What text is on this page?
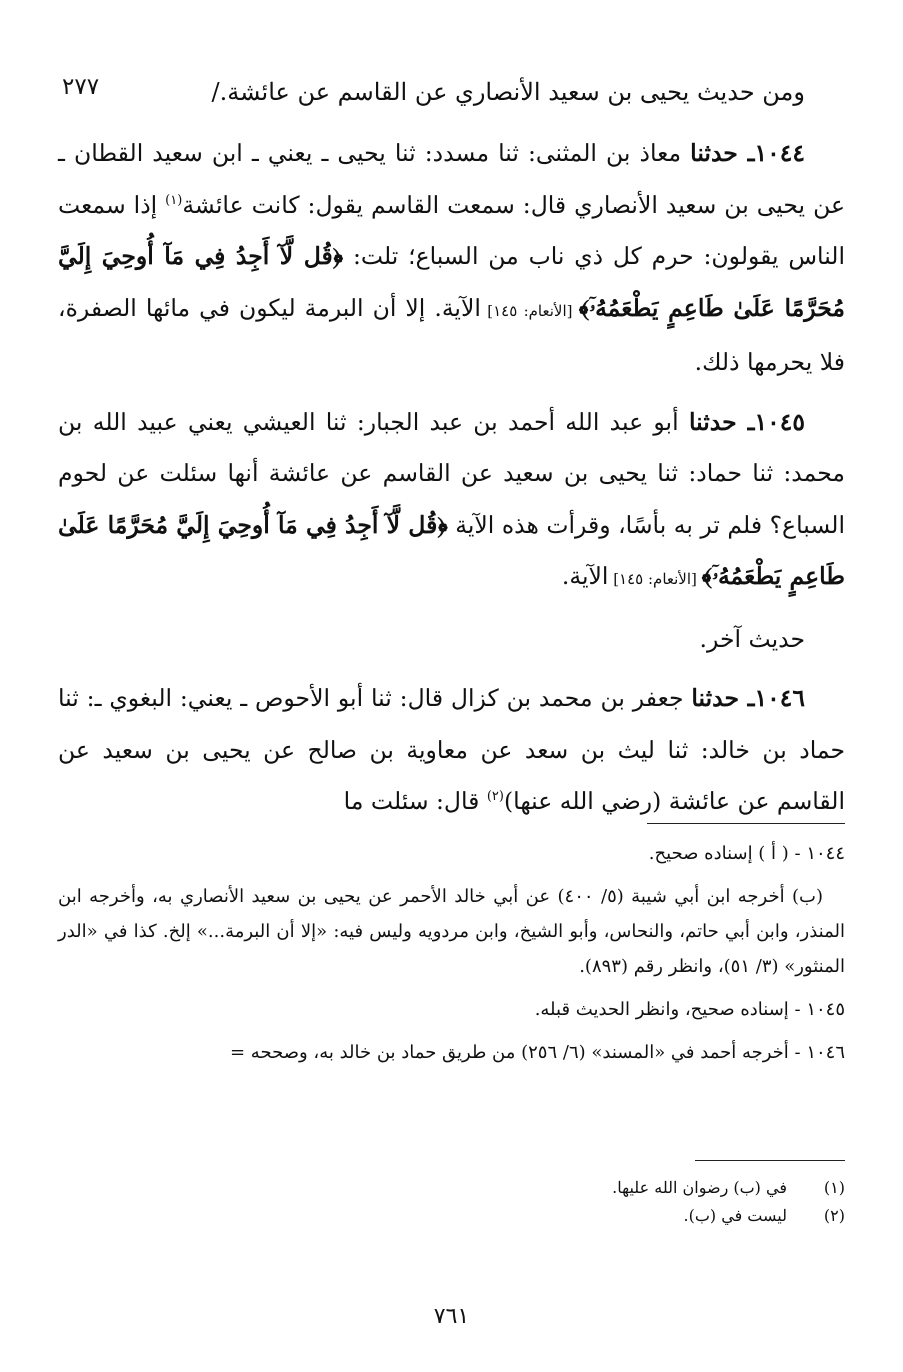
ومن حديث يحيى بن سعيد الأنصاري عن القاسم عن عائشة./
٢٧٧

١٠٤٤ـ حدثنا معاذ بن المثنى: ثنا مسدد: ثنا يحيى ـ يعني ـ ابن سعيد القطان ـ عن يحيى بن سعيد الأنصاري قال: سمعت القاسم يقول: كانت عائشة$^{(١)}$ إذا سمعت الناس يقولون: حرم كل ذي ناب من السباع؛ تلت: ﴿قُل لَّآ أَجِدُ فِي مَآ أُوحِيَ إِلَيَّ مُحَرَّمًا عَلَىٰ طَاعِمٍ يَطْعَمُهُۥٓ﴾ [الأنعام: ١٤٥] الآية. إلا أن البرمة ليكون في مائها الصفرة، فلا يحرمها ذلك.

١٠٤٥ـ حدثنا أبو عبد الله أحمد بن عبد الجبار: ثنا العيشي يعني عبيد الله بن محمد: ثنا حماد: ثنا يحيى بن سعيد عن القاسم عن عائشة أنها سئلت عن لحوم السباع؟ فلم تر به بأسًا، وقرأت هذه الآية ﴿قُل لَّآ أَجِدُ فِي مَآ أُوحِيَ إِلَيَّ مُحَرَّمًا عَلَىٰ طَاعِمٍ يَطْعَمُهُۥٓ﴾ [الأنعام: ١٤٥] الآية.

حديث آخر.

١٠٤٦ـ حدثنا جعفر بن محمد بن كزال قال: ثنا أبو الأحوص ـ يعني: البغوي ـ: ثنا حماد بن خالد: ثنا ليث بن سعد عن معاوية بن صالح عن يحيى بن سعيد عن القاسم عن عائشة (رضي الله عنها)$^{(٢)}$ قال: سئلت ما

١٠٤٤ - ( أ ) إسناده صحيح.

(ب) أخرجه ابن أبي شيبة (٥/ ٤٠٠) عن أبي خالد الأحمر عن يحيى بن سعيد الأنصاري به، وأخرجه ابن المنذر، وابن أبي حاتم، والنحاس، وأبو الشيخ، وابن مردويه وليس فيه: «إلا أن البرمة...» إلخ. كذا في «الدر المنثور» (٣/ ٥١)، وانظر رقم (٨٩٣).

١٠٤٥ - إسناده صحيح، وانظر الحديث قبله.

١٠٤٦ - أخرجه أحمد في «المسند» (٦/ ٢٥٦) من طريق حماد بن خالد به، وصححه =

(١)
في (ب) رضوان الله عليها.
(٢)
ليست في (ب).
٧٦١
